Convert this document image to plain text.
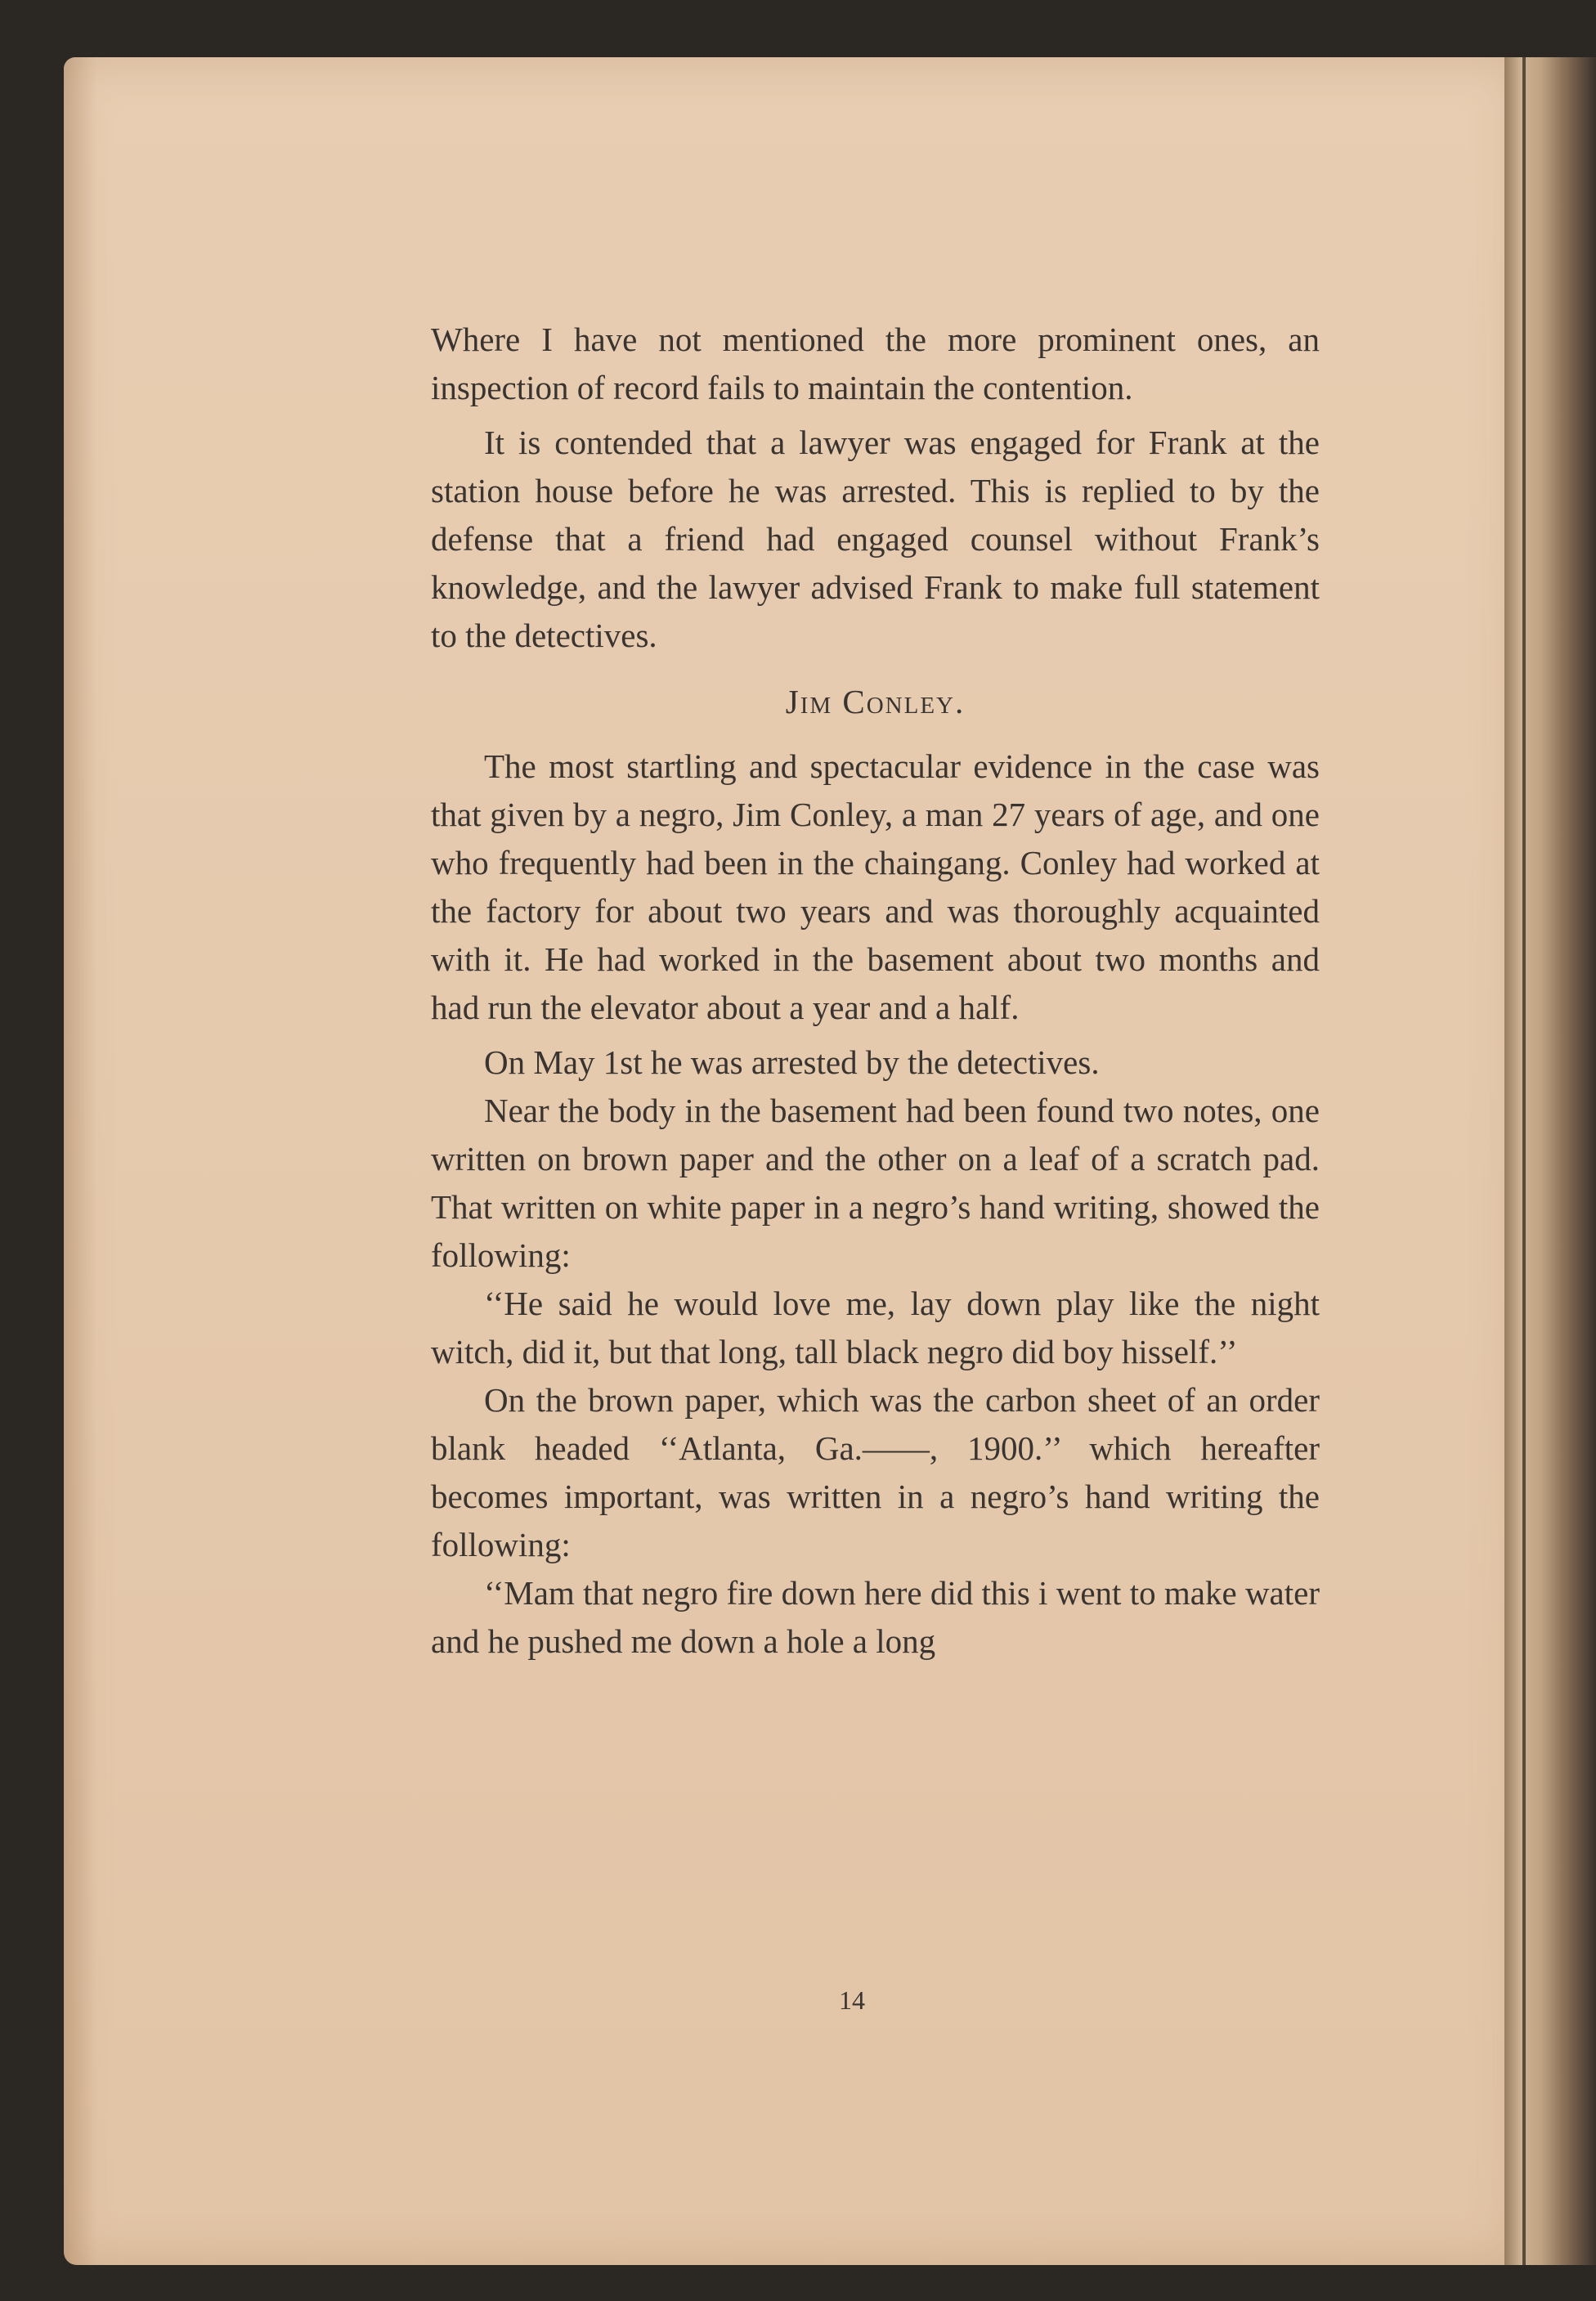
Where I have not mentioned the more prominent ones, an inspection of record fails to maintain the contention.

It is contended that a lawyer was engaged for Frank at the station house before he was arrested. This is replied to by the defense that a friend had engaged counsel without Frank’s knowledge, and the lawyer advised Frank to make full statement to the detectives.

Jim Conley.

The most startling and spectacular evidence in the case was that given by a negro, Jim Conley, a man 27 years of age, and one who frequently had been in the chaingang. Conley had worked at the factory for about two years and was thoroughly acquainted with it. He had worked in the basement about two months and had run the elevator about a year and a half.

On May 1st he was arrested by the detectives.

Near the body in the basement had been found two notes, one written on brown paper and the other on a leaf of a scratch pad. That written on white paper in a negro’s hand writing, showed the following:

‘‘He said he would love me, lay down play like the night witch, did it, but that long, tall black negro did boy hisself.’’

On the brown paper, which was the carbon sheet of an order blank headed ‘‘Atlanta, Ga.——, 1900.’’ which hereafter becomes important, was written in a negro’s hand writing the following:

‘‘Mam that negro fire down here did this i went to make water and he pushed me down a hole a long

14
